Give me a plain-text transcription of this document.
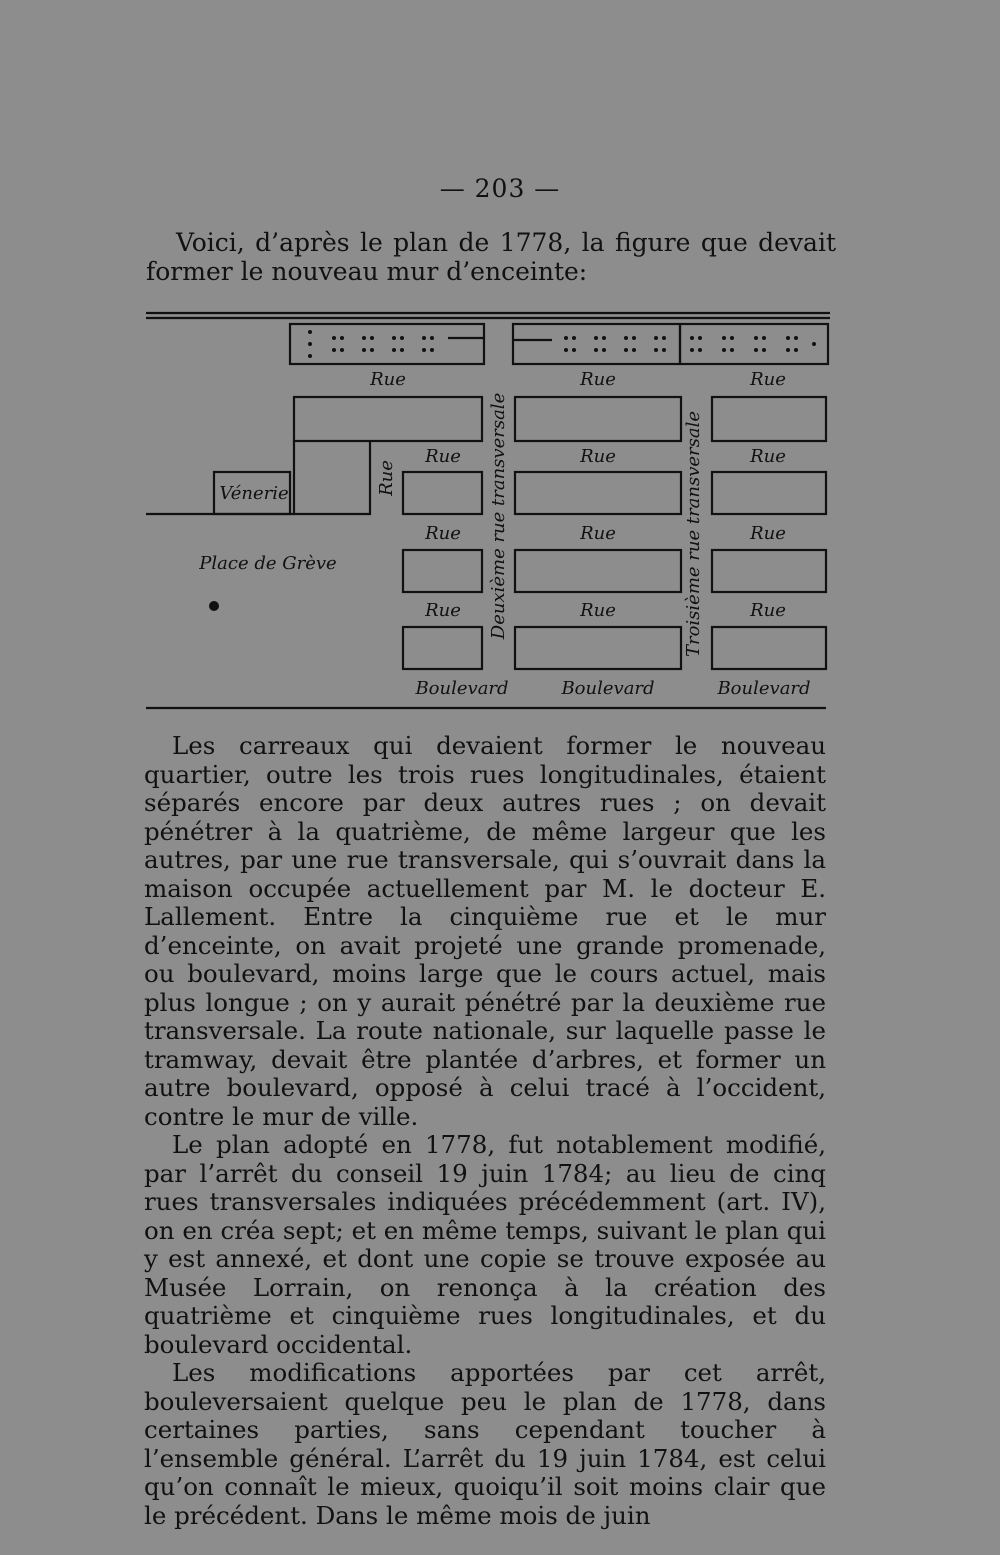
— 203 —

Voici, d’après le plan de 1778, la figure que devait former le nouveau mur d’enceinte:

Rue	Rue	Rue
Rue	Rue	Rue
Rue	Rue	Rue
Rue	Rue	Rue
Rue
Vénerie
Place de Grève	Deuxième rue transversale	Troisième rue transversale
Boulevard	Boulevard	Boulevard

Les carreaux qui devaient former le nouveau quartier, outre les trois rues longitudinales, étaient séparés encore par deux autres rues ; on devait pénétrer à la quatrième, de même largeur que les autres, par une rue transversale, qui s’ouvrait dans la maison occupée actuellement par M. le docteur E. Lallement. Entre la cinquième rue et le mur d’enceinte, on avait projeté une grande promenade, ou boulevard, moins large que le cours actuel, mais plus longue ; on y aurait pénétré par la deuxième rue transversale. La route nationale, sur laquelle passe le tramway, devait être plantée d’arbres, et former un autre boulevard, opposé à celui tracé à l’occident, contre le mur de ville.

Le plan adopté en 1778, fut notablement modifié, par l’arrêt du conseil 19 juin 1784; au lieu de cinq rues transversales indiquées précédemment (art. IV), on en créa sept; et en même temps, suivant le plan qui y est annexé, et dont une copie se trouve exposée au Musée Lorrain, on renonça à la création des quatrième et cinquième rues longitudinales, et du boulevard occidental.

Les modifications apportées par cet arrêt, bouleversaient quelque peu le plan de 1778, dans certaines parties, sans cependant toucher à l’ensemble général. L’arrêt du 19 juin 1784, est celui qu’on connaît le mieux, quoiqu’il soit moins clair que le précédent. Dans le même mois de juin
